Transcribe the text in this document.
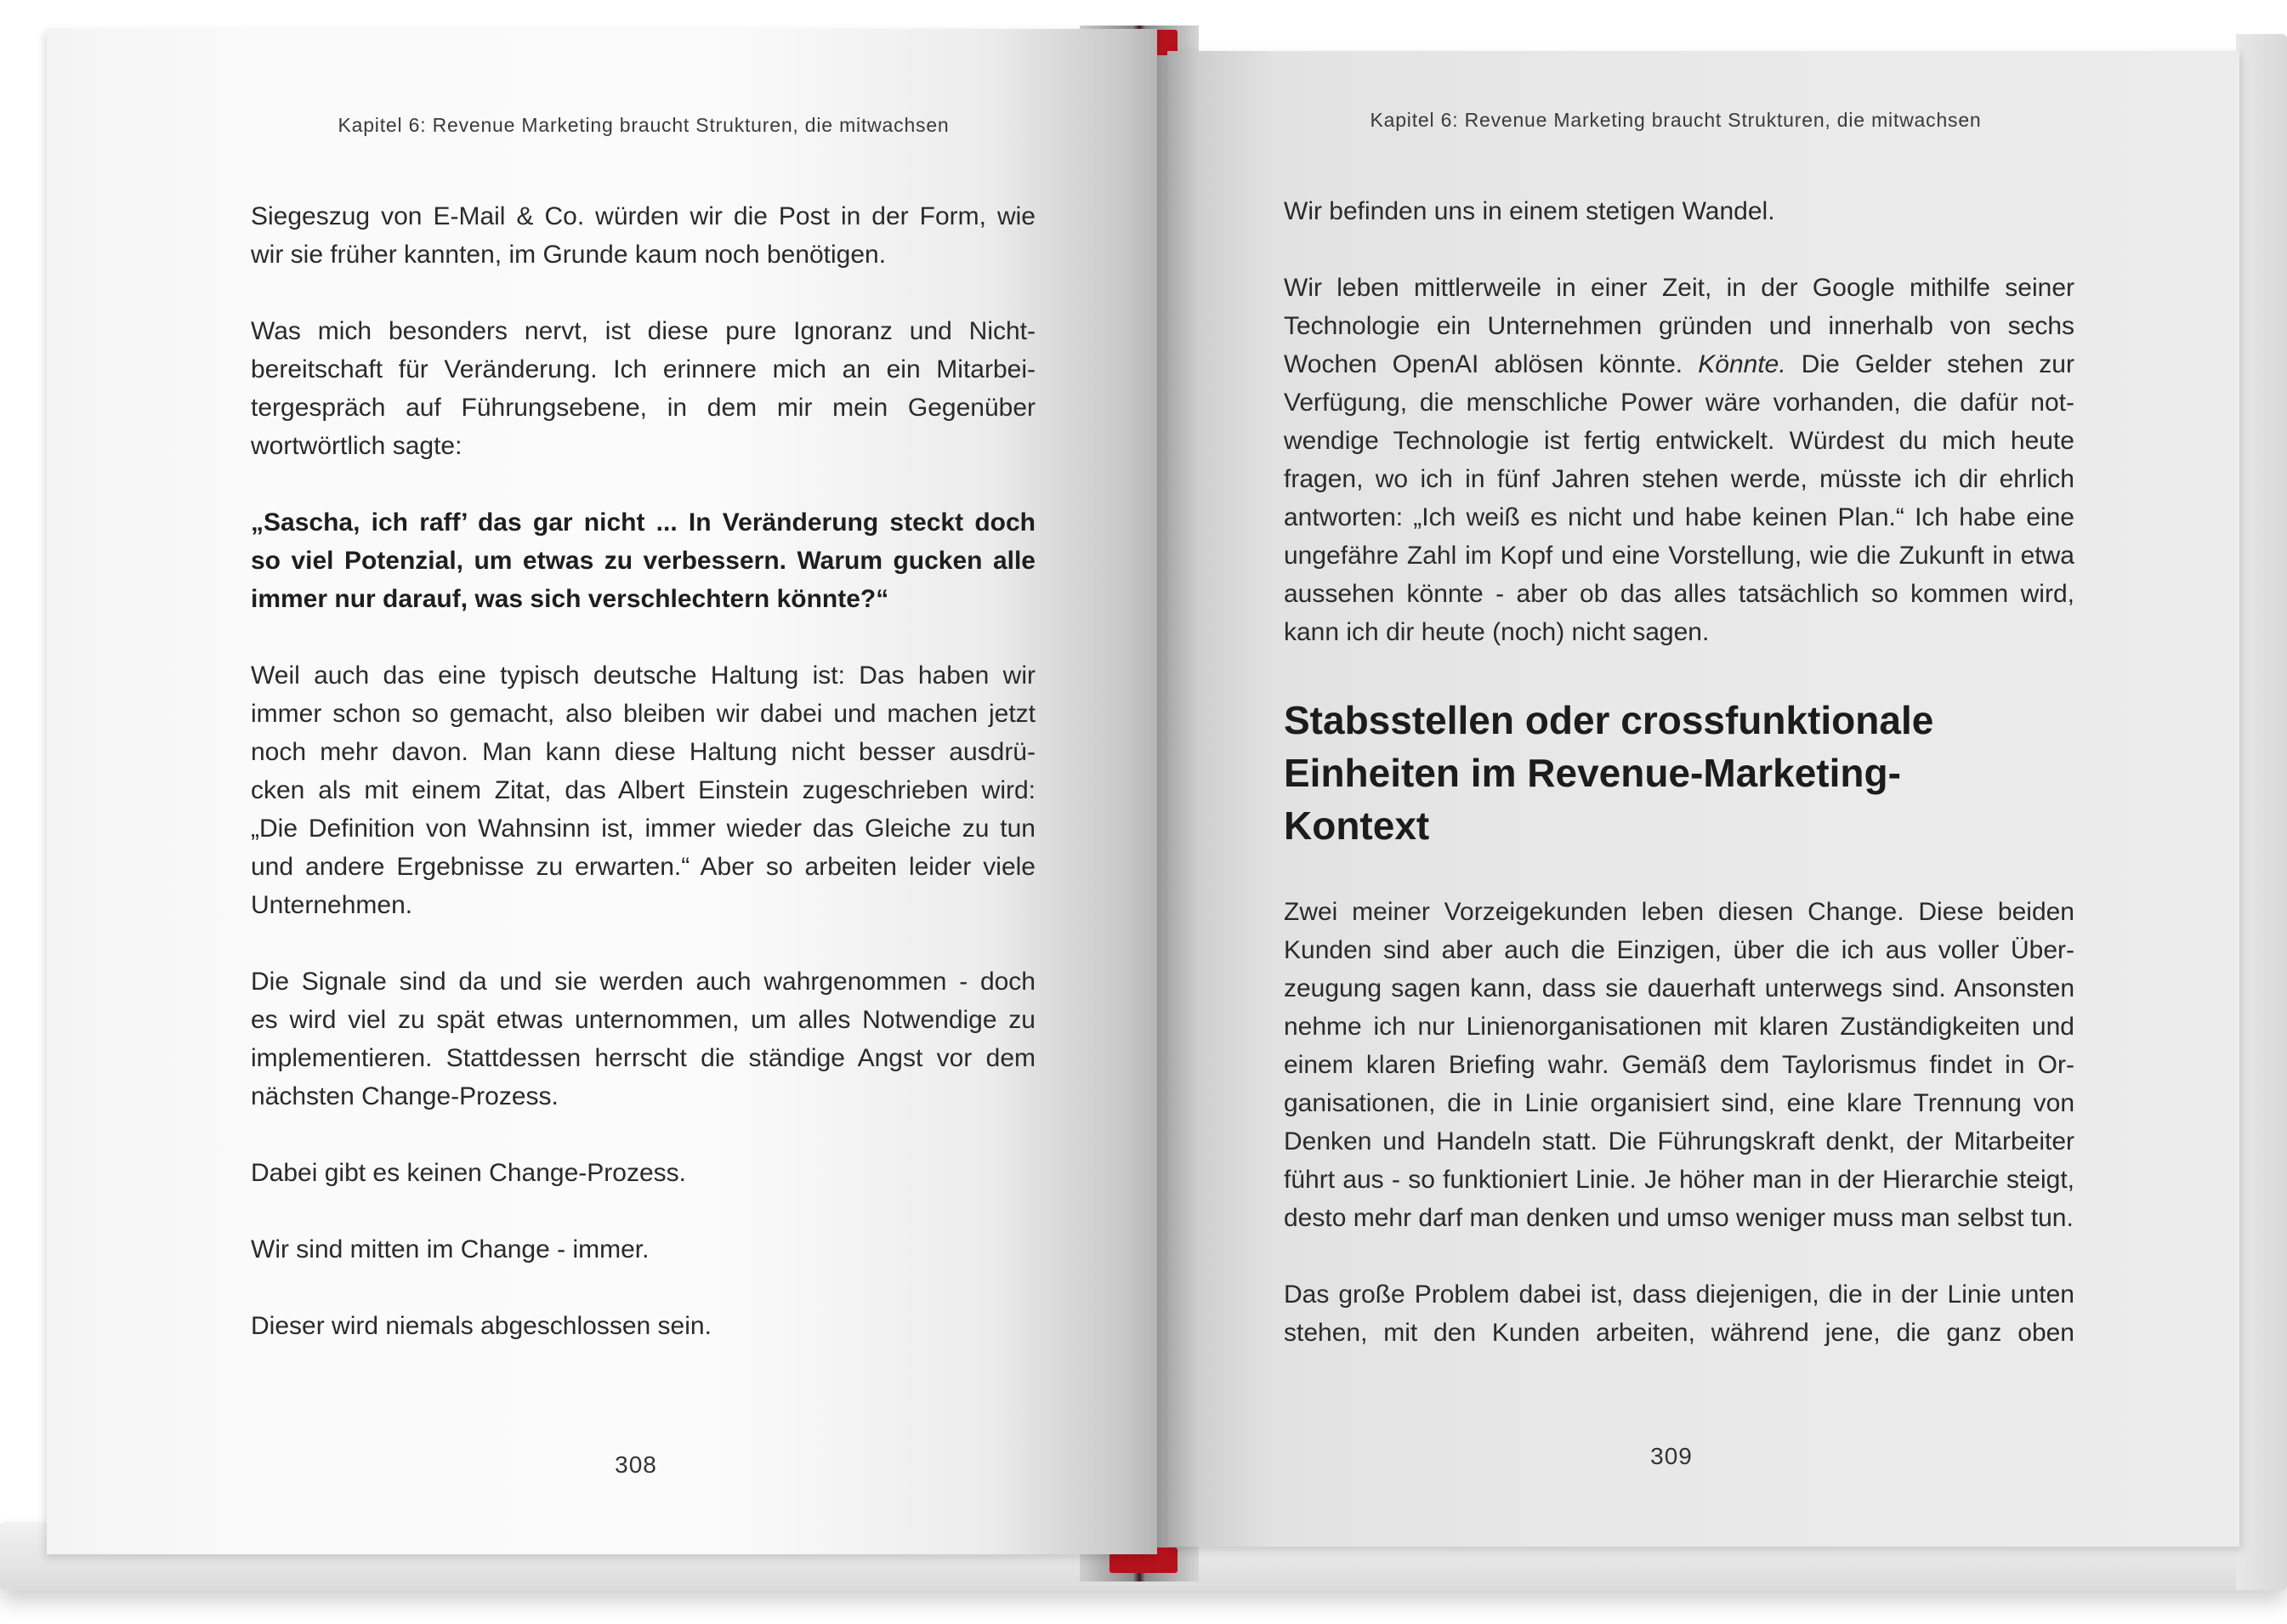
Kapitel 6: Revenue Marketing braucht Strukturen, die mitwachsen
Siegeszug von E-Mail & Co. würden wir die Post in der Form, wie
wir sie früher kannten, im Grunde kaum noch benötigen.
Was mich besonders nervt, ist diese pure Ignoranz und Nicht-
bereitschaft für Veränderung. Ich erinnere mich an ein Mitarbei-
tergespräch auf Führungsebene, in dem mir mein Gegenüber
wortwörtlich sagte:
„Sascha, ich raff’ das gar nicht ... In Veränderung steckt doch
so viel Potenzial, um etwas zu verbessern. Warum gucken alle
immer nur darauf, was sich verschlechtern könnte?“
Weil auch das eine typisch deutsche Haltung ist: Das haben wir
immer schon so gemacht, also bleiben wir dabei und machen jetzt
noch mehr davon. Man kann diese Haltung nicht besser ausdrü-
cken als mit einem Zitat, das Albert Einstein zugeschrieben wird:
„Die Definition von Wahnsinn ist, immer wieder das Gleiche zu tun
und andere Ergebnisse zu erwarten.“ Aber so arbeiten leider viele
Unternehmen.
Die Signale sind da und sie werden auch wahrgenommen - doch
es wird viel zu spät etwas unternommen, um alles Notwendige zu
implementieren. Stattdessen herrscht die ständige Angst vor dem
nächsten Change-Prozess.
Dabei gibt es keinen Change-Prozess.
Wir sind mitten im Change - immer.
Dieser wird niemals abgeschlossen sein.
308
Kapitel 6: Revenue Marketing braucht Strukturen, die mitwachsen
Wir befinden uns in einem stetigen Wandel.
Wir leben mittlerweile in einer Zeit, in der Google mithilfe seiner
Technologie ein Unternehmen gründen und innerhalb von sechs
Wochen OpenAI ablösen könnte. Könnte. Die Gelder stehen zur
Verfügung, die menschliche Power wäre vorhanden, die dafür not-
wendige Technologie ist fertig entwickelt. Würdest du mich heute
fragen, wo ich in fünf Jahren stehen werde, müsste ich dir ehrlich
antworten: „Ich weiß es nicht und habe keinen Plan.“ Ich habe eine
ungefähre Zahl im Kopf und eine Vorstellung, wie die Zukunft in etwa
aussehen könnte - aber ob das alles tatsächlich so kommen wird,
kann ich dir heute (noch) nicht sagen.
Stabsstellen oder crossfunktionale
Einheiten im Revenue-Marketing-
Kontext
Zwei meiner Vorzeigekunden leben diesen Change. Diese beiden
Kunden sind aber auch die Einzigen, über die ich aus voller Über-
zeugung sagen kann, dass sie dauerhaft unterwegs sind. Ansonsten
nehme ich nur Linienorganisationen mit klaren Zuständigkeiten und
einem klaren Briefing wahr. Gemäß dem Taylorismus findet in Or-
ganisationen, die in Linie organisiert sind, eine klare Trennung von
Denken und Handeln statt. Die Führungskraft denkt, der Mitarbeiter
führt aus - so funktioniert Linie. Je höher man in der Hierarchie steigt,
desto mehr darf man denken und umso weniger muss man selbst tun.
Das große Problem dabei ist, dass diejenigen, die in der Linie unten
stehen, mit den Kunden arbeiten, während jene, die ganz oben
309
